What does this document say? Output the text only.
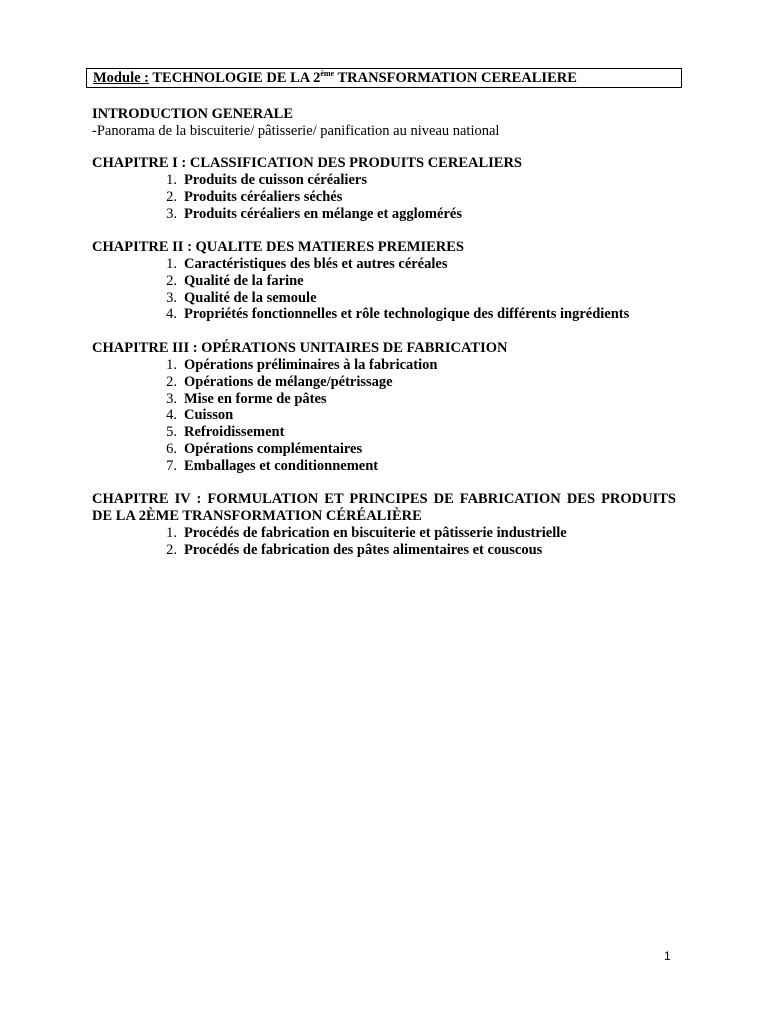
Module : TECHNOLOGIE DE LA 2ème TRANSFORMATION CEREALIERE

INTRODUCTION GENERALE

-Panorama de la biscuiterie/ pâtisserie/ panification au niveau national

CHAPITRE I : CLASSIFICATION DES PRODUITS CEREALIERS
1. Produits de cuisson céréaliers
2. Produits céréaliers séchés
3. Produits céréaliers en mélange et agglomérés
CHAPITRE II : QUALITE DES MATIERES PREMIERES
1. Caractéristiques des blés et autres céréales
2. Qualité de la farine
3. Qualité de la semoule
4. Propriétés fonctionnelles et rôle technologique des différents ingrédients
CHAPITRE III : OPÉRATIONS UNITAIRES DE FABRICATION
1. Opérations préliminaires à la fabrication
2. Opérations de mélange/pétrissage
3. Mise en forme de pâtes
4. Cuisson
5. Refroidissement
6. Opérations complémentaires
7. Emballages et conditionnement
CHAPITRE IV : FORMULATION ET PRINCIPES DE FABRICATION DES PRODUITS DE LA 2ÈME TRANSFORMATION CÉRÉALIÈRE
1. Procédés de fabrication en biscuiterie et pâtisserie industrielle
2. Procédés de fabrication des pâtes alimentaires et couscous
1
